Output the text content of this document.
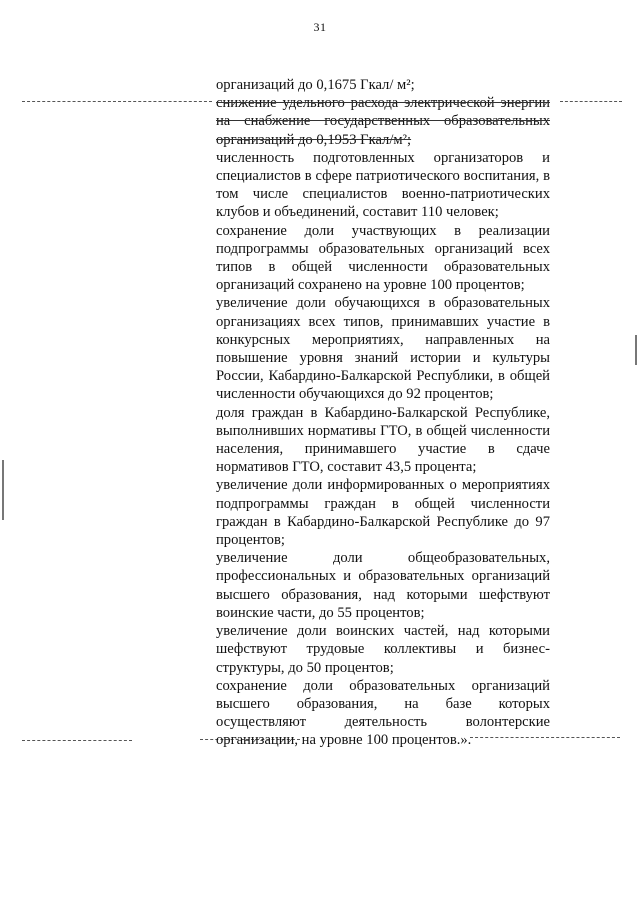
31

организаций до 0,1675 Гкал/ м²;

снижение удельного расхода электрической энергии на снабжение государственных образовательных организаций до 0,1953 Гкал/м²;

численность подготовленных организаторов и специалистов в сфере патриотического воспитания, в том числе специалистов военно-патриотических клубов и объединений, составит 110 человек;

сохранение доли участвующих в реализации подпрограммы образовательных организаций всех типов в общей численности образовательных организаций сохранено на уровне 100 процентов;

увеличение доли обучающихся в образовательных организациях всех типов, принимавших участие в конкурсных мероприятиях, направленных на повышение уровня знаний истории и культуры России, Кабардино-Балкарской Республики, в общей численности обучающихся до 92 процентов;

доля граждан в Кабардино-Балкарской Республике, выполнивших нормативы ГТО, в общей численности населения, принимавшего участие в сдаче нормативов ГТО, составит 43,5 процента;

увеличение доли информированных о мероприятиях подпрограммы граждан в общей численности граждан в Кабардино-Балкарской Республике до 97 процентов;

увеличение доли общеобразовательных, профессиональных и образовательных организаций высшего образования, над которыми шефствуют воинские части, до 55 процентов;

увеличение доли воинских частей, над которыми шефствуют трудовые коллективы и бизнес-структуры, до 50 процентов;

сохранение доли образовательных организаций высшего образования, на базе которых осуществляют деятельность волонтерские организации, на уровне 100 процентов.».
